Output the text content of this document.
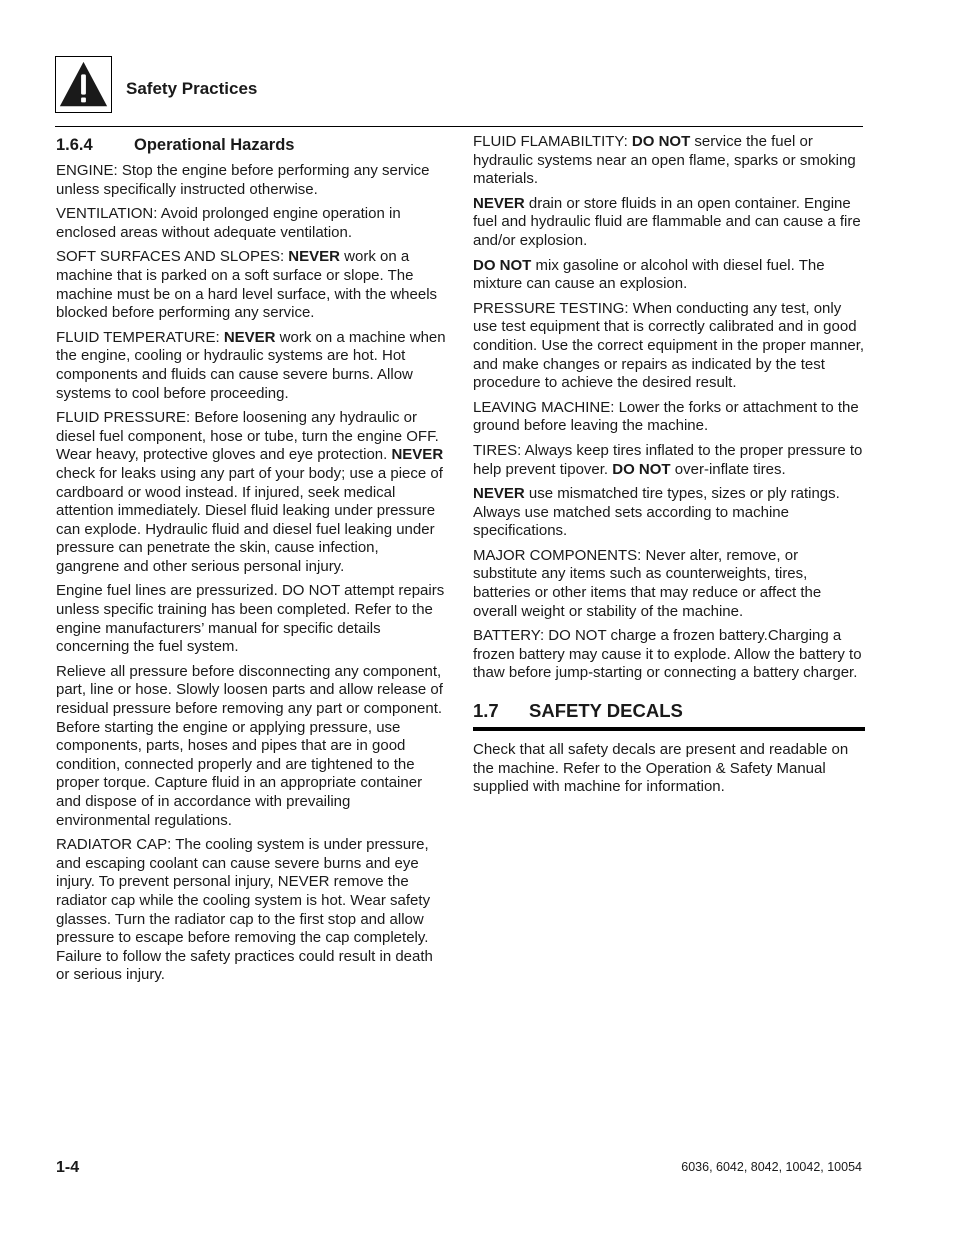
Safety Practices
1.6.4	Operational Hazards

ENGINE: Stop the engine before performing any service unless specifically instructed otherwise.

VENTILATION: Avoid prolonged engine operation in enclosed areas without adequate ventilation.

SOFT SURFACES AND SLOPES: NEVER work on a machine that is parked on a soft surface or slope. The machine must be on a hard level surface, with the wheels blocked before performing any service.

FLUID TEMPERATURE: NEVER work on a machine when the engine, cooling or hydraulic systems are hot. Hot components and fluids can cause severe burns. Allow systems to cool before proceeding.

FLUID PRESSURE: Before loosening any hydraulic or diesel fuel component, hose or tube, turn the engine OFF. Wear heavy, protective gloves and eye protection. NEVER check for leaks using any part of your body; use a piece of cardboard or wood instead. If injured, seek medical attention immediately. Diesel fluid leaking under pressure can explode. Hydraulic fluid and diesel fuel leaking under pressure can penetrate the skin, cause infection, gangrene and other serious personal injury.

Engine fuel lines are pressurized. DO NOT attempt repairs unless specific training has been completed. Refer to the engine manufacturers’ manual for specific details concerning the fuel system.

Relieve all pressure before disconnecting any component, part, line or hose. Slowly loosen parts and allow release of residual pressure before removing any part or component. Before starting the engine or applying pressure, use components, parts, hoses and pipes that are in good condition, connected properly and are tightened to the proper torque. Capture fluid in an appropriate container and dispose of in accordance with prevailing environmental regulations.

RADIATOR CAP: The cooling system is under pressure, and escaping coolant can cause severe burns and eye injury. To prevent personal injury, NEVER remove the radiator cap while the cooling system is hot. Wear safety glasses. Turn the radiator cap to the first stop and allow pressure to escape before removing the cap completely. Failure to follow the safety practices could result in death or serious injury.

FLUID FLAMABILTITY: DO NOT service the fuel or hydraulic systems near an open flame, sparks or smoking materials.

NEVER drain or store fluids in an open container. Engine fuel and hydraulic fluid are flammable and can cause a fire and/or explosion.

DO NOT mix gasoline or alcohol with diesel fuel. The mixture can cause an explosion.

PRESSURE TESTING: When conducting any test, only use test equipment that is correctly calibrated and in good condition. Use the correct equipment in the proper manner, and make changes or repairs as indicated by the test procedure to achieve the desired result.

LEAVING MACHINE: Lower the forks or attachment to the ground before leaving the machine.

TIRES: Always keep tires inflated to the proper pressure to help prevent tipover. DO NOT over-inflate tires.

NEVER use mismatched tire types, sizes or ply ratings. Always use matched sets according to machine specifications.

MAJOR COMPONENTS: Never alter, remove, or substitute any items such as counterweights, tires, batteries or other items that may reduce or affect the overall weight or stability of the machine.

BATTERY: DO NOT charge a frozen battery.Charging a frozen battery may cause it to explode. Allow the battery to thaw before jump-starting or connecting a battery charger.

1.7 SAFETY DECALS

Check that all safety decals are present and readable on the machine. Refer to the Operation & Safety Manual supplied with machine for information.

1-4	6036, 6042, 8042, 10042, 10054
